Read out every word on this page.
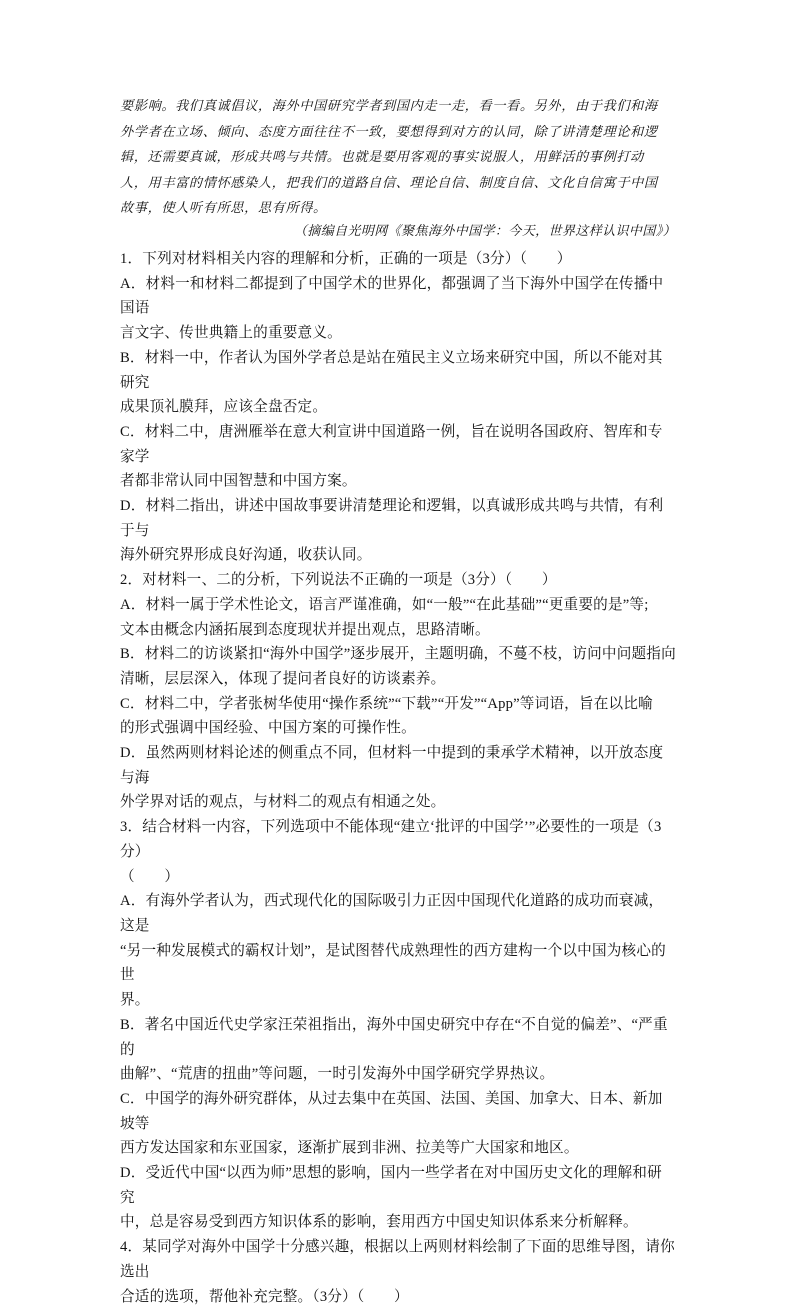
要影响。我们真诚倡议，海外中国研究学者到国内走一走，看一看。另外，由于我们和海

外学者在立场、倾向、态度方面往往不一致，要想得到对方的认同，除了讲清楚理论和逻

辑，还需要真诚，形成共鸣与共情。也就是要用客观的事实说服人，用鲜活的事例打动

人，用丰富的情怀感染人，把我们的道路自信、理论自信、制度自信、文化自信寓于中国

故事，使人听有所思，思有所得。

（摘编自光明网《聚焦海外中国学：今天，世界这样认识中国》）

1．下列对材料相关内容的理解和分析，正确的一项是（3分）（　　）

A．材料一和材料二都提到了中国学术的世界化，都强调了当下海外中国学在传播中国语

言文字、传世典籍上的重要意义。

B．材料一中，作者认为国外学者总是站在殖民主义立场来研究中国，所以不能对其研究

成果顶礼膜拜，应该全盘否定。

C．材料二中，唐洲雁举在意大利宣讲中国道路一例，旨在说明各国政府、智库和专家学

者都非常认同中国智慧和中国方案。

D．材料二指出，讲述中国故事要讲清楚理论和逻辑，以真诚形成共鸣与共情，有利于与

海外研究界形成良好沟通，收获认同。

2．对材料一、二的分析，下列说法不正确的一项是（3分）（　　）

A．材料一属于学术性论文，语言严谨准确，如“一般”“在此基础”“更重要的是”等;

文本由概念内涵拓展到态度现状并提出观点，思路清晰。

B．材料二的访谈紧扣“海外中国学”逐步展开，主题明确，不蔓不枝，访问中问题指向

清晰，层层深入，体现了提问者良好的访谈素养。

C．材料二中，学者张树华使用“操作系统”“下载”“开发”“App”等词语，旨在以比喻

的形式强调中国经验、中国方案的可操作性。

D．虽然两则材料论述的侧重点不同，但材料一中提到的秉承学术精神，以开放态度与海

外学界对话的观点，与材料二的观点有相通之处。

3．结合材料一内容，下列选项中不能体现“建立‘批评的中国学’”必要性的一项是（3分）

（　　）

A．有海外学者认为，西式现代化的国际吸引力正因中国现代化道路的成功而衰减，这是

“另一种发展模式的霸权计划”，是试图替代成熟理性的西方建构一个以中国为核心的世

界。

B．著名中国近代史学家汪荣祖指出，海外中国史研究中存在“不自觉的偏差”、“严重的

曲解”、“荒唐的扭曲”等问题，一时引发海外中国学研究学界热议。

C．中国学的海外研究群体，从过去集中在英国、法国、美国、加拿大、日本、新加坡等

西方发达国家和东亚国家，逐渐扩展到非洲、拉美等广大国家和地区。

D．受近代中国“以西为师”思想的影响，国内一些学者在对中国历史文化的理解和研究

中，总是容易受到西方知识体系的影响，套用西方中国史知识体系来分析解释。

4．某同学对海外中国学十分感兴趣，根据以上两则材料绘制了下面的思维导图，请你选出

合适的选项，帮他补充完整。（3分）（　　）
